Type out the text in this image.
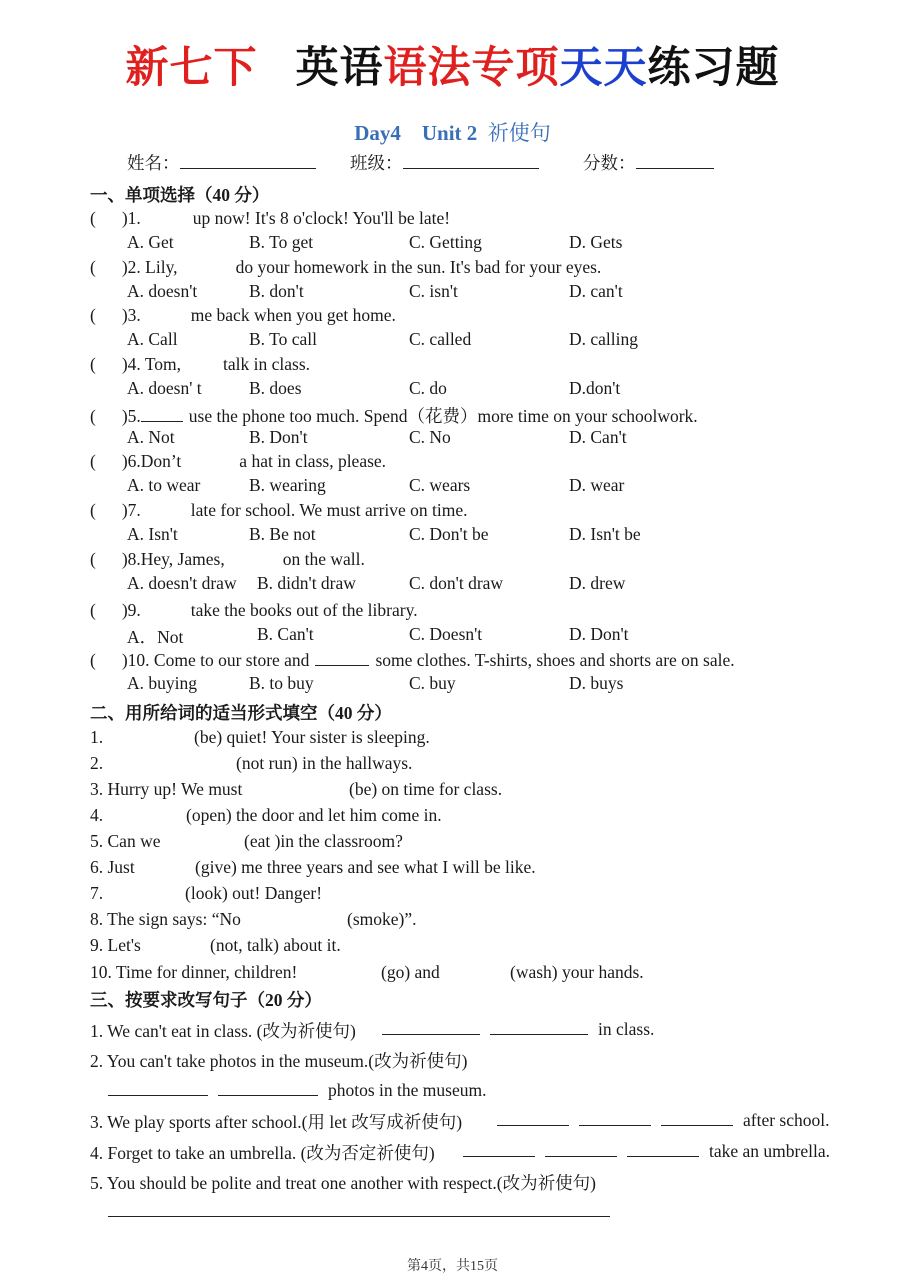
新七下 英语语法专项天天练习题
Day4 Unit 2 祈使句
姓名：	班级：	分数：
一、单项选择（40 分）
( )1.	up now! It's 8 o'clock! You'll be late!
A. Get	B. To get	C. Getting	D. Gets
( )2. Lily,	do your homework in the sun. It's bad for your eyes.
A. doesn't	B. don't	C. isn't	D. can't
( )3.	me back when you get home.
A. Call	B. To call	C. called	D. calling
( )4. Tom, talk in class.
A. doesn' t	B. does	C. do	D.don't
( )5.	use the phone too much. Spend（花费）more time on your schoolwork.
A. Not	B. Don't	C. No	D. Can't
( )6.Don’t	a hat in class, please.
A. to wear	B. wearing	C. wears	D. wear
( )7.	late for school. We must arrive on time.
A. Isn't	B. Be not	C. Don't be	D. Isn't be
( )8.Hey, James,	on the wall.
A. doesn't draw B. didn't draw	C. don't draw	D. drew
( )9.	take the books out of the library.
A．Not	B. Can't	C. Doesn't	D. Don't
( )10. Come to our store and	some clothes. T-shirts, shoes and shorts are on sale.
A. buying	B. to buy	C. buy	D. buys
二、用所给词的适当形式填空（40 分）
1.	(be) quiet! Your sister is sleeping.
2.	(not run) in the hallways.
3. Hurry up! We must	(be) on time for class.
4.	(open) the door and let him come in.
5. Can we	(eat )in the classroom?
6. Just	(give) me three years and see what I will be like.
7.	(look) out! Danger!
8. The sign says: “No	(smoke)”.
9. Let's	(not, talk) about it.
10. Time for dinner, children!	(go) and	(wash) your hands.
三、按要求改写句子（20 分）
1. We can't eat in class. (改为祈使句)	in class.
2. You can't take photos in the museum.(改为祈使句)
photos in the museum.
3. We play sports after school.(用 let 改写成祈使句)	after school.
4. Forget to take an umbrella. (改为否定祈使句)	take an umbrella.
5. You should be polite and treat one another with respect.(改为祈使句)
第4页，共15页
